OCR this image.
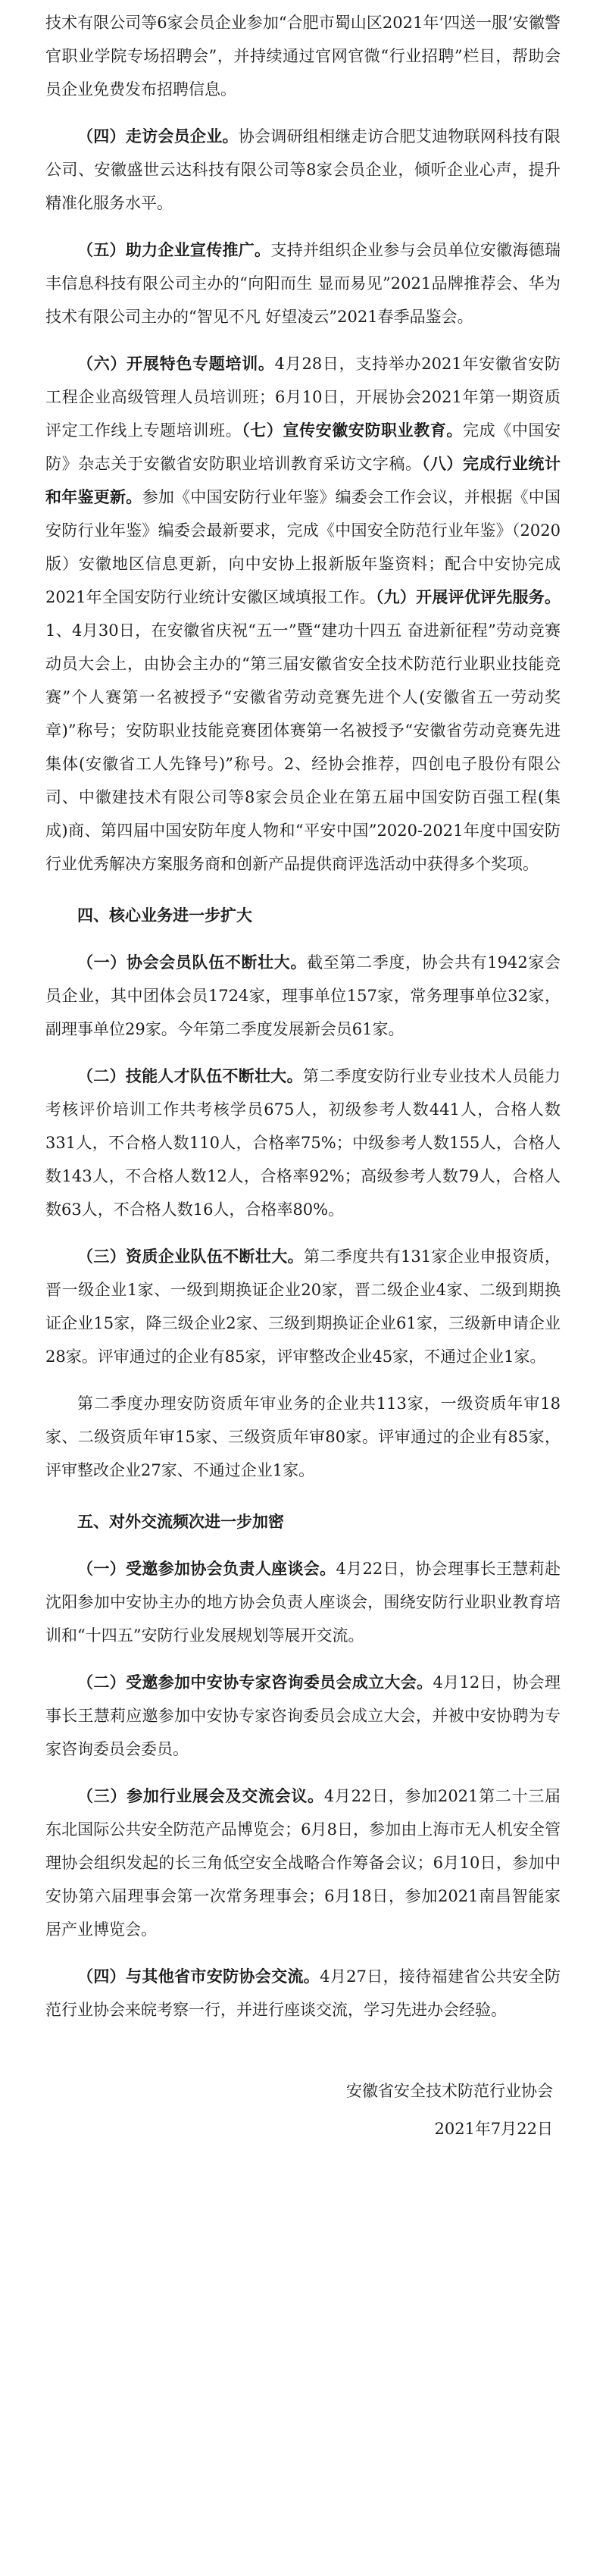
技术有限公司等6家会员企业参加“合肥市蜀山区2021年‘四送一服’安徽警官职业学院专场招聘会”，并持续通过官网官微“行业招聘”栏目，帮助会员企业免费发布招聘信息。

（四）走访会员企业。协会调研组相继走访合肥艾迪物联网科技有限公司、安徽盛世云达科技有限公司等8家会员企业，倾听企业心声，提升精准化服务水平。

（五）助力企业宣传推广。支持并组织企业参与会员单位安徽海德瑞丰信息科技有限公司主办的“向阳而生 显而易见”2021品牌推荐会、华为技术有限公司主办的“智见不凡 好望凌云”2021春季品鉴会。

（六）开展特色专题培训。4月28日，支持举办2021年安徽省安防工程企业高级管理人员培训班；6月10日，开展协会2021年第一期资质评定工作线上专题培训班。（七）宣传安徽安防职业教育。完成《中国安防》杂志关于安徽省安防职业培训教育采访文字稿。（八）完成行业统计和年鉴更新。参加《中国安防行业年鉴》编委会工作会议，并根据《中国安防行业年鉴》编委会最新要求，完成《中国安全防范行业年鉴》（2020版）安徽地区信息更新，向中安协上报新版年鉴资料；配合中安协完成2021年全国安防行业统计安徽区域填报工作。（九）开展评优评先服务。1、4月30日，在安徽省庆祝“五一”暨“建功十四五 奋进新征程”劳动竞赛动员大会上，由协会主办的“第三届安徽省安全技术防范行业职业技能竞赛”个人赛第一名被授予“安徽省劳动竞赛先进个人(安徽省五一劳动奖章)”称号；安防职业技能竞赛团体赛第一名被授予“安徽省劳动竞赛先进集体(安徽省工人先锋号)”称号。2、经协会推荐，四创电子股份有限公司、中徽建技术有限公司等8家会员企业在第五届中国安防百强工程(集成)商、第四届中国安防年度人物和“平安中国”2020-2021年度中国安防行业优秀解决方案服务商和创新产品提供商评选活动中获得多个奖项。

四、核心业务进一步扩大

（一）协会会员队伍不断壮大。截至第二季度，协会共有1942家会员企业，其中团体会员1724家，理事单位157家，常务理事单位32家，副理事单位29家。今年第二季度发展新会员61家。

（二）技能人才队伍不断壮大。第二季度安防行业专业技术人员能力考核评价培训工作共考核学员675人，初级参考人数441人，合格人数331人，不合格人数110人，合格率75%；中级参考人数155人，合格人数143人，不合格人数12人，合格率92%；高级参考人数79人，合格人数63人，不合格人数16人，合格率80%。

（三）资质企业队伍不断壮大。第二季度共有131家企业申报资质，晋一级企业1家、一级到期换证企业20家，晋二级企业4家、二级到期换证企业15家，降三级企业2家、三级到期换证企业61家，三级新申请企业28家。评审通过的企业有85家，评审整改企业45家，不通过企业1家。

第二季度办理安防资质年审业务的企业共113家，一级资质年审18家、二级资质年审15家、三级资质年审80家。评审通过的企业有85家，评审整改企业27家、不通过企业1家。

五、对外交流频次进一步加密

（一）受邀参加协会负责人座谈会。4月22日，协会理事长王慧莉赴沈阳参加中安协主办的地方协会负责人座谈会，围绕安防行业职业教育培训和“十四五”安防行业发展规划等展开交流。

（二）受邀参加中安协专家咨询委员会成立大会。4月12日，协会理事长王慧莉应邀参加中安协专家咨询委员会成立大会，并被中安协聘为专家咨询委员会委员。

（三）参加行业展会及交流会议。4月22日，参加2021第二十三届东北国际公共安全防范产品博览会；6月8日，参加由上海市无人机安全管理协会组织发起的长三角低空安全战略合作筹备会议；6月10日，参加中安协第六届理事会第一次常务理事会；6月18日，参加2021南昌智能家居产业博览会。

（四）与其他省市安防协会交流。4月27日，接待福建省公共安全防范行业协会来皖考察一行，并进行座谈交流，学习先进办会经验。

安徽省安全技术防范行业协会
2021年7月22日
